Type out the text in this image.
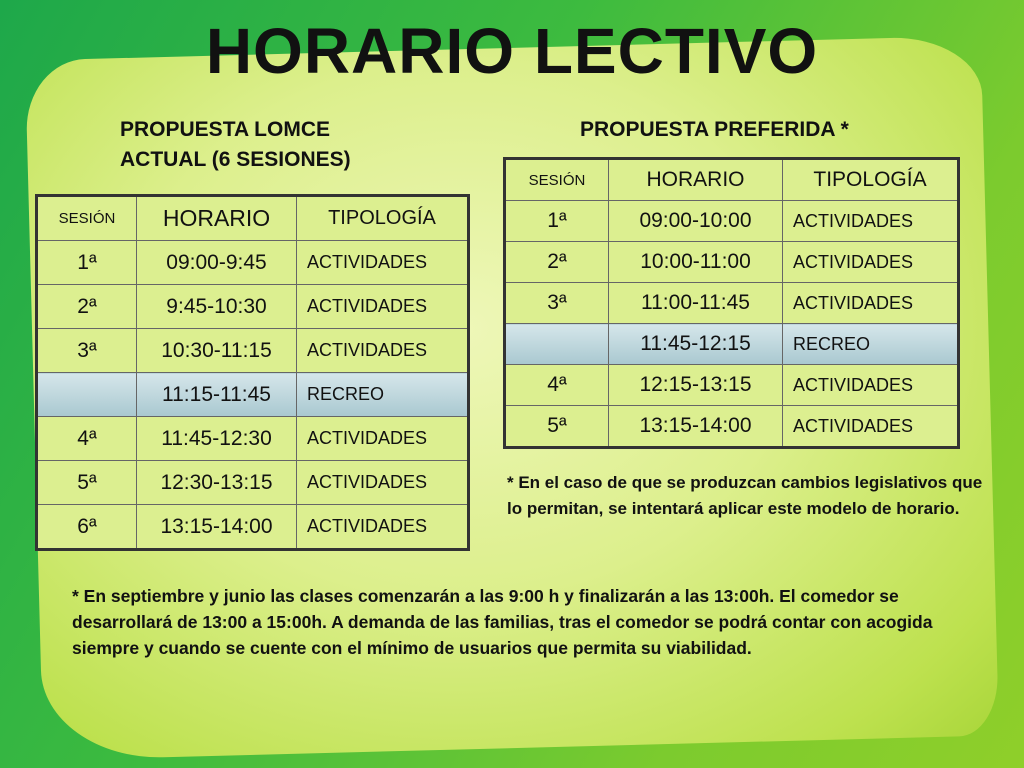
HORARIO LECTIVO
PROPUESTA LOMCE
ACTUAL (6 SESIONES)
PROPUESTA PREFERIDA *
SESIÓN	HORARIO	TIPOLOGÍA
1ª	09:00-9:45	ACTIVIDADES
2ª	9:45-10:30	ACTIVIDADES
3ª	10:30-11:15	ACTIVIDADES
	11:15-11:45	RECREO
4ª	11:45-12:30	ACTIVIDADES
5ª	12:30-13:15	ACTIVIDADES
6ª	13:15-14:00	ACTIVIDADES
SESIÓN	HORARIO	TIPOLOGÍA
1ª	09:00-10:00	ACTIVIDADES
2ª	10:00-11:00	ACTIVIDADES
3ª	11:00-11:45	ACTIVIDADES
	11:45-12:15	RECREO
4ª	12:15-13:15	ACTIVIDADES
5ª	13:15-14:00	ACTIVIDADES
* En el caso de que se produzcan cambios legislativos que lo permitan, se intentará aplicar este modelo de horario.
* En septiembre y junio las clases comenzarán a las 9:00 h y finalizarán a las 13:00h. El comedor se desarrollará de 13:00 a 15:00h. A demanda de las familias, tras el comedor se podrá contar con acogida siempre y cuando se cuente con el mínimo de usuarios que permita su viabilidad.
